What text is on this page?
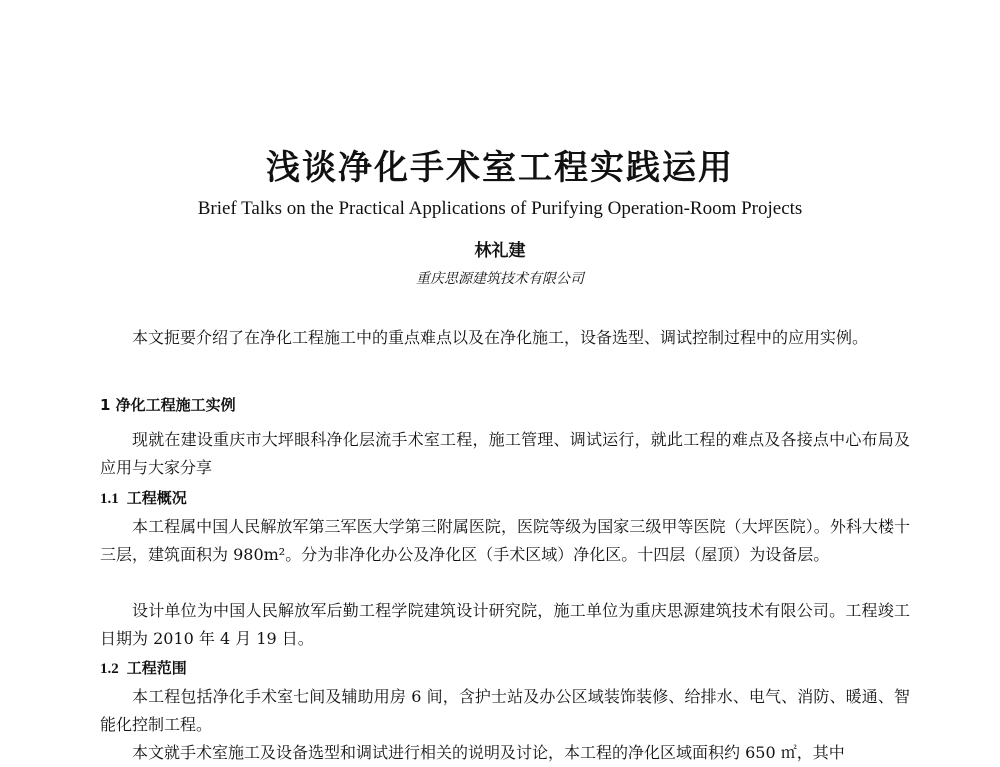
浅谈净化手术室工程实践运用
Brief Talks on the Practical Applications of Purifying Operation-Room Projects
林礼建
重庆思源建筑技术有限公司

本文扼要介绍了在净化工程施工中的重点难点以及在净化施工，设备选型、调试控制过程中的应用实例。

1 净化工程施工实例

现就在建设重庆市大坪眼科净化层流手术室工程，施工管理、调试运行，就此工程的难点及各接点中心布局及应用与大家分享

1.1 工程概况

本工程属中国人民解放军第三军医大学第三附属医院，医院等级为国家三级甲等医院（大坪医院）。外科大楼十三层，建筑面积为 980m²。分为非净化办公及净化区（手术区域）净化区。十四层（屋顶）为设备层。

设计单位为中国人民解放军后勤工程学院建筑设计研究院，施工单位为重庆思源建筑技术有限公司。工程竣工日期为 2010 年 4 月 19 日。

1.2 工程范围

本工程包括净化手术室七间及辅助用房 6 间，含护士站及办公区域装饰装修、给排水、电气、消防、暖通、智能化控制工程。

本文就手术室施工及设备选型和调试进行相关的说明及讨论，本工程的净化区域面积约 650 ㎡，其中
